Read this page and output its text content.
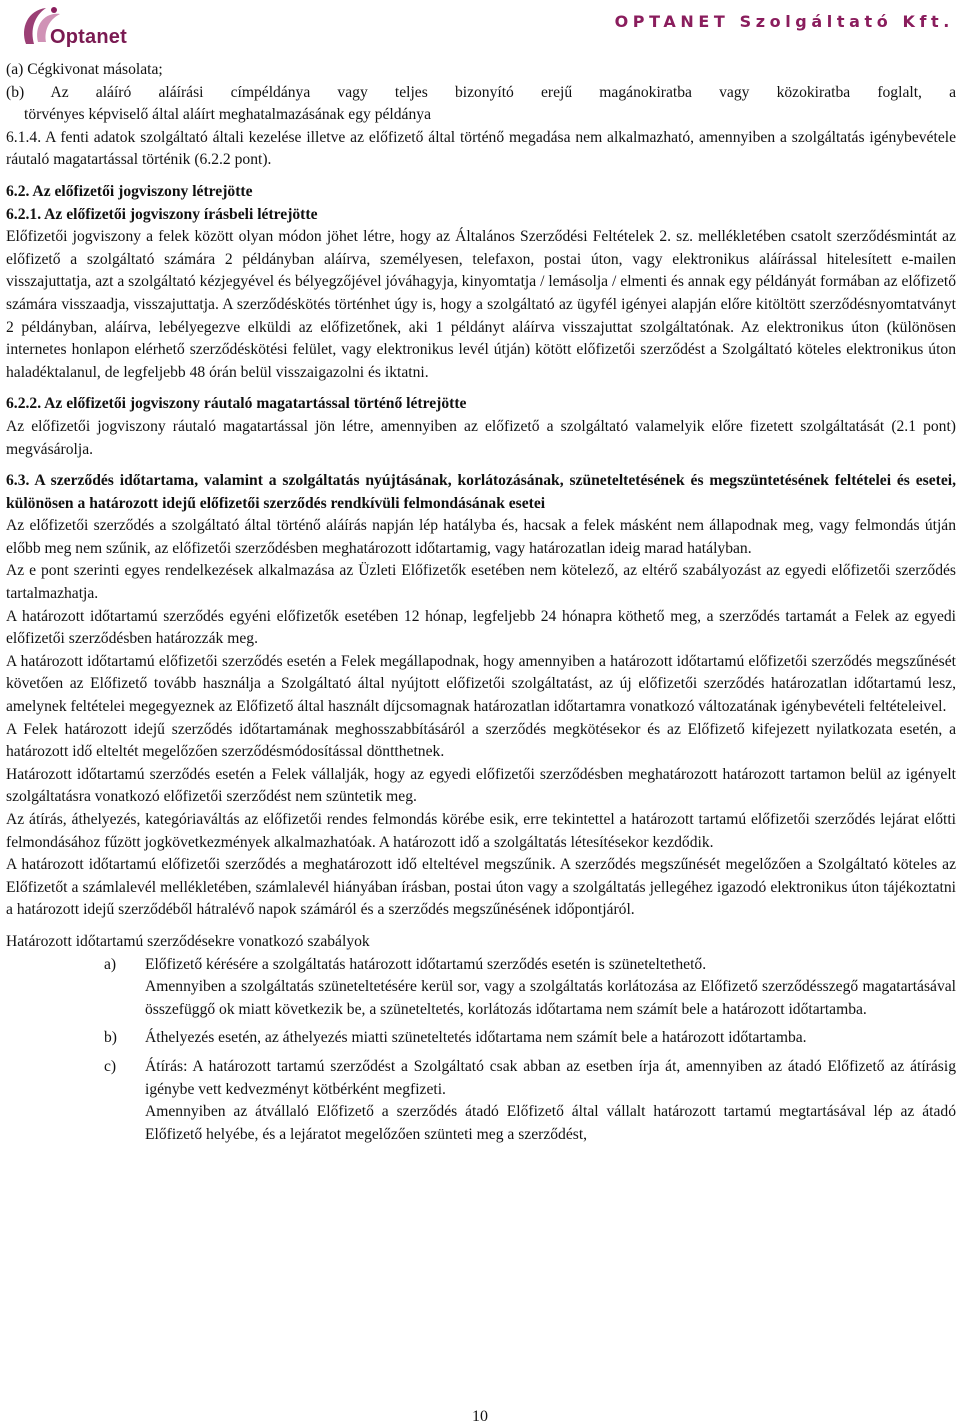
Optanet
OPTANET Szolgáltató Kft.

(a) Cégkivonat másolata;

(b) Az aláíró aláírási címpéldánya vagy teljes bizonyító erejű magánokiratba vagy közokiratba foglalt, a

törvényes képviselő által aláírt meghatalmazásának egy példánya

6.1.4. A fenti adatok szolgáltató általi kezelése illetve az előfizető által történő megadása nem alkalmazható, amennyiben a szolgáltatás igénybevétele ráutaló magatartással történik (6.2.2 pont).

6.2. Az előfizetői jogviszony létrejötte

6.2.1. Az előfizetői jogviszony írásbeli létrejötte

Előfizetői jogviszony a felek között olyan módon jöhet létre, hogy az Általános Szerződési Feltételek 2. sz. mellékletében csatolt szerződésmintát az előfizető a szolgáltató számára 2 példányban aláírva, személyesen, telefaxon, postai úton, vagy elektronikus aláírással hitelesített e-mailen visszajuttatja, azt a szolgáltató kézjegyével és bélyegzőjével jóváhagyja, kinyomtatja / lemásolja / elmenti és annak egy példányát formában az előfizető számára visszaadja, visszajuttatja. A szerződéskötés történhet úgy is, hogy a szolgáltató az ügyfél igényei alapján előre kitöltött szerződésnyomtatványt 2 példányban, aláírva, lebélyegezve elküldi az előfizetőnek, aki 1 példányt aláírva visszajuttat szolgáltatónak. Az elektronikus úton (különösen internetes honlapon elérhető szerződéskötési felület, vagy elektronikus levél útján) kötött előfizetői szerződést a Szolgáltató köteles elektronikus úton haladéktalanul, de legfeljebb 48 órán belül visszaigazolni és iktatni.

6.2.2. Az előfizetői jogviszony ráutaló magatartással történő létrejötte

Az előfizetői jogviszony ráutaló magatartással jön létre, amennyiben az előfizető a szolgáltató valamelyik előre fizetett szolgáltatását (2.1 pont) megvásárolja.

6.3. A szerződés időtartama, valamint a szolgáltatás nyújtásának, korlátozásának, szüneteltetésének és megszüntetésének feltételei és esetei, különösen a határozott idejű előfizetői szerződés rendkívüli felmondásának esetei

Az előfizetői szerződés a szolgáltató által történő aláírás napján lép hatályba és, hacsak a felek másként nem állapodnak meg, vagy felmondás útján előbb meg nem szűnik, az előfizetői szerződésben meghatározott időtartamig, vagy határozatlan ideig marad hatályban.

Az e pont szerinti egyes rendelkezések alkalmazása az Üzleti Előfizetők esetében nem kötelező, az eltérő szabályozást az egyedi előfizetői szerződés tartalmazhatja.

A határozott időtartamú szerződés egyéni előfizetők esetében 12 hónap, legfeljebb 24 hónapra köthető meg, a szerződés tartamát a Felek az egyedi előfizetői szerződésben határozzák meg.

A határozott időtartamú előfizetői szerződés esetén a Felek megállapodnak, hogy amennyiben a határozott időtartamú előfizetői szerződés megszűnését követően az Előfizető tovább használja a Szolgáltató által nyújtott előfizetői szolgáltatást, az új előfizetői szerződés határozatlan időtartamú lesz, amelynek feltételei megegyeznek az Előfizető által használt díjcsomagnak határozatlan időtartamra vonatkozó változatának igénybevételi feltételeivel.

A Felek határozott idejű szerződés időtartamának meghosszabbításáról a szerződés megkötésekor és az Előfizető kifejezett nyilatkozata esetén, a határozott idő elteltét megelőzően szerződésmódosítással döntthetnek.

Határozott időtartamú szerződés esetén a Felek vállalják, hogy az egyedi előfizetői szerződésben meghatározott határozott tartamon belül az igényelt szolgáltatásra vonatkozó előfizetői szerződést nem szüntetik meg.

Az átírás, áthelyezés, kategóriaváltás az előfizetői rendes felmondás körébe esik, erre tekintettel a határozott tartamú előfizetői szerződés lejárat előtti felmondásához fűzött jogkövetkezmények alkalmazhatóak. A határozott idő a szolgáltatás létesítésekor kezdődik.

A határozott időtartamú előfizetői szerződés a meghatározott idő elteltével megszűnik. A szerződés megszűnését megelőzően a Szolgáltató köteles az Előfizetőt a számlalevél mellékletében, számlalevél hiányában írásban, postai úton vagy a szolgáltatás jellegéhez igazodó elektronikus úton tájékoztatni a határozott idejű szerződéből hátralévő napok számáról és a szerződés megszűnésének időpontjáról.

Határozott időtartamú szerződésekre vonatkozó szabályok

a) Előfizető kérésére a szolgáltatás határozott időtartamú szerződés esetén is szüneteltethető.
Amennyiben a szolgáltatás szüneteltetésére kerül sor, vagy a szolgáltatás korlátozása az Előfizető szerződésszegő magatartásával összefüggő ok miatt következik be, a szüneteltetés, korlátozás időtartama nem számít bele a határozott időtartamba.
b) Áthelyezés esetén, az áthelyezés miatti szüneteltetés időtartama nem számít bele a határozott időtartamba.
c) Átírás: A határozott tartamú szerződést a Szolgáltató csak abban az esetben írja át, amennyiben az átadó Előfizető az átírásig igénybe vett kedvezményt kötbérként megfizeti.
Amennyiben az átvállaló Előfizető a szerződés átadó Előfizető által vállalt határozott tartamú megtartásával lép az átadó Előfizető helyébe, és a lejáratot megelőzően szünteti meg a szerződést,
10
